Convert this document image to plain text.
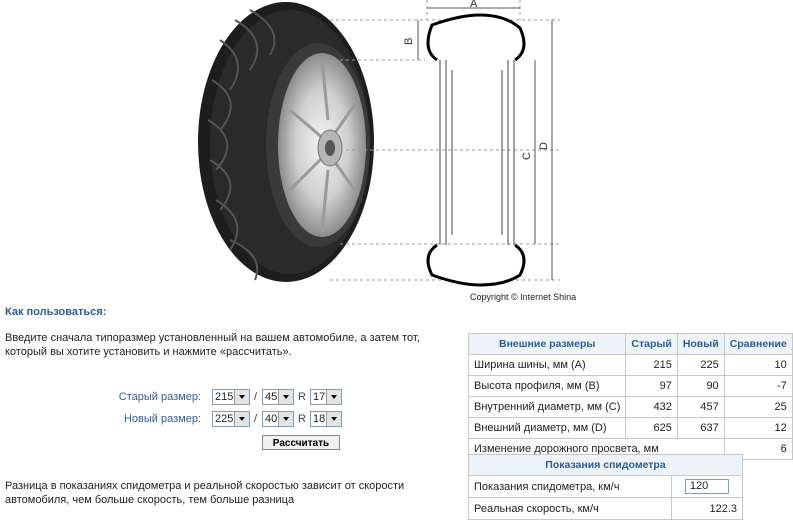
A
B
C
D
Copyright © Internet Shina
Как пользоваться:
Введите сначала типоразмер установленный на вашем автомобиле, а затем тот, который вы хотите установить и нажмите «рассчитать».
Старый размер: 215 / 45 R 17
Новый размер: 225 / 40 R 18
Рассчитать
Разница в показаниях спидометра и реальной скоростью зависит от скорости автомобиля, чем больше скорость, тем больше разница
Внешние размеры	Старый	Новый	Сравнение
Ширина шины, мм (A)	215	225	10
Высота профиля, мм (B)	97	90	-7
Внутренний диаметр, мм (C)	432	457	25
Внешний диаметр, мм (D)	625	637	12
Изменение дорожного просвета, мм			6
Показания спидометра	
Показания спидометра, км/ч	120
Реальная скорость, км/ч	122.3
